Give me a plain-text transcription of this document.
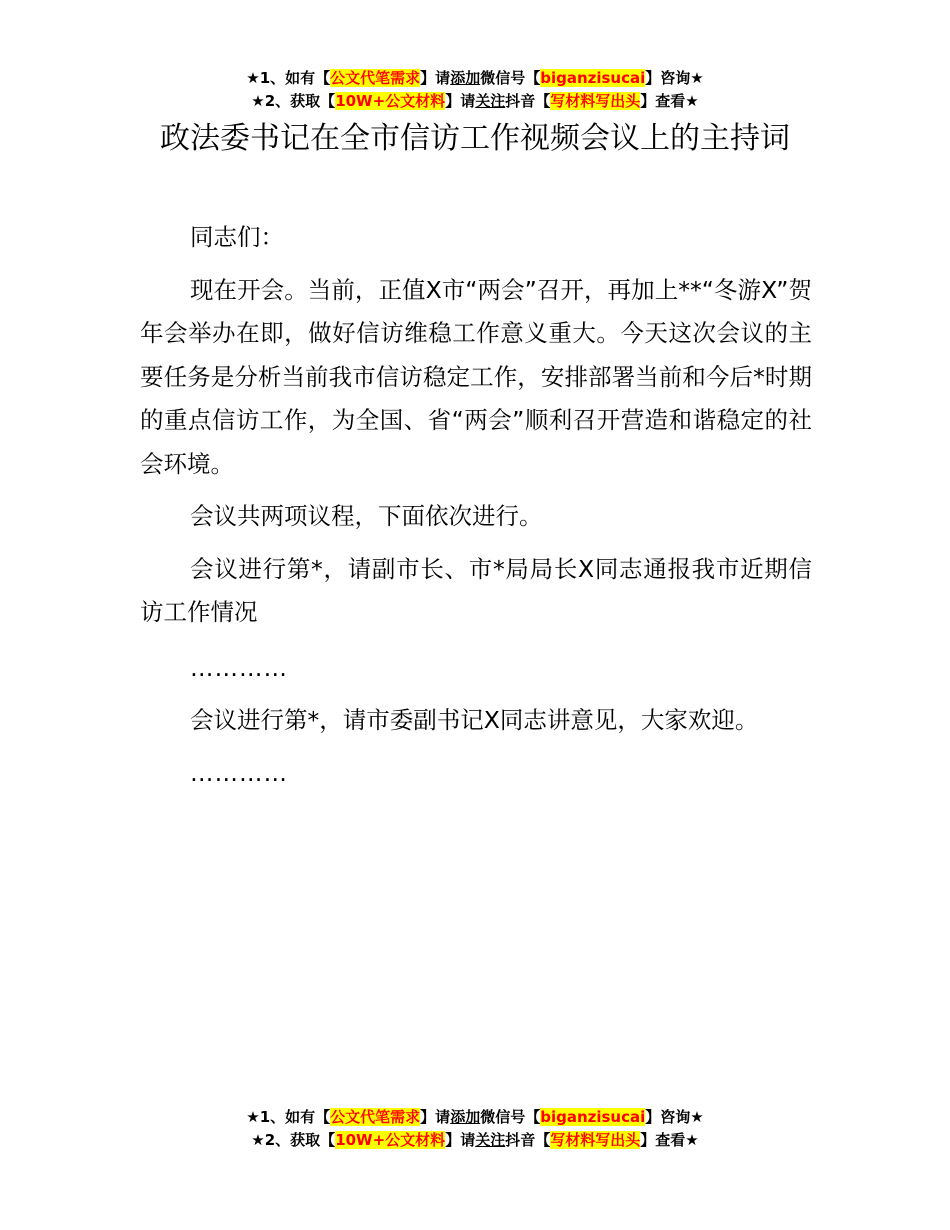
★1、如有【公文代笔需求】请添加微信号【biganzisucai】咨询★
★2、获取【10W+公文材料】请关注抖音【写材料写出头】查看★
政法委书记在全市信访工作视频会议上的主持词

同志们：

现在开会。当前，正值X市“两会”召开，再加上**“冬游X”贺年会举办在即，做好信访维稳工作意义重大。今天这次会议的主要任务是分析当前我市信访稳定工作，安排部署当前和今后*时期的重点信访工作，为全国、省“两会”顺利召开营造和谐稳定的社会环境。

会议共两项议程，下面依次进行。

会议进行第*，请副市长、市*局局长X同志通报我市近期信访工作情况

…………

会议进行第*，请市委副书记X同志讲意见，大家欢迎。

…………

★1、如有【公文代笔需求】请添加微信号【biganzisucai】咨询★
★2、获取【10W+公文材料】请关注抖音【写材料写出头】查看★
